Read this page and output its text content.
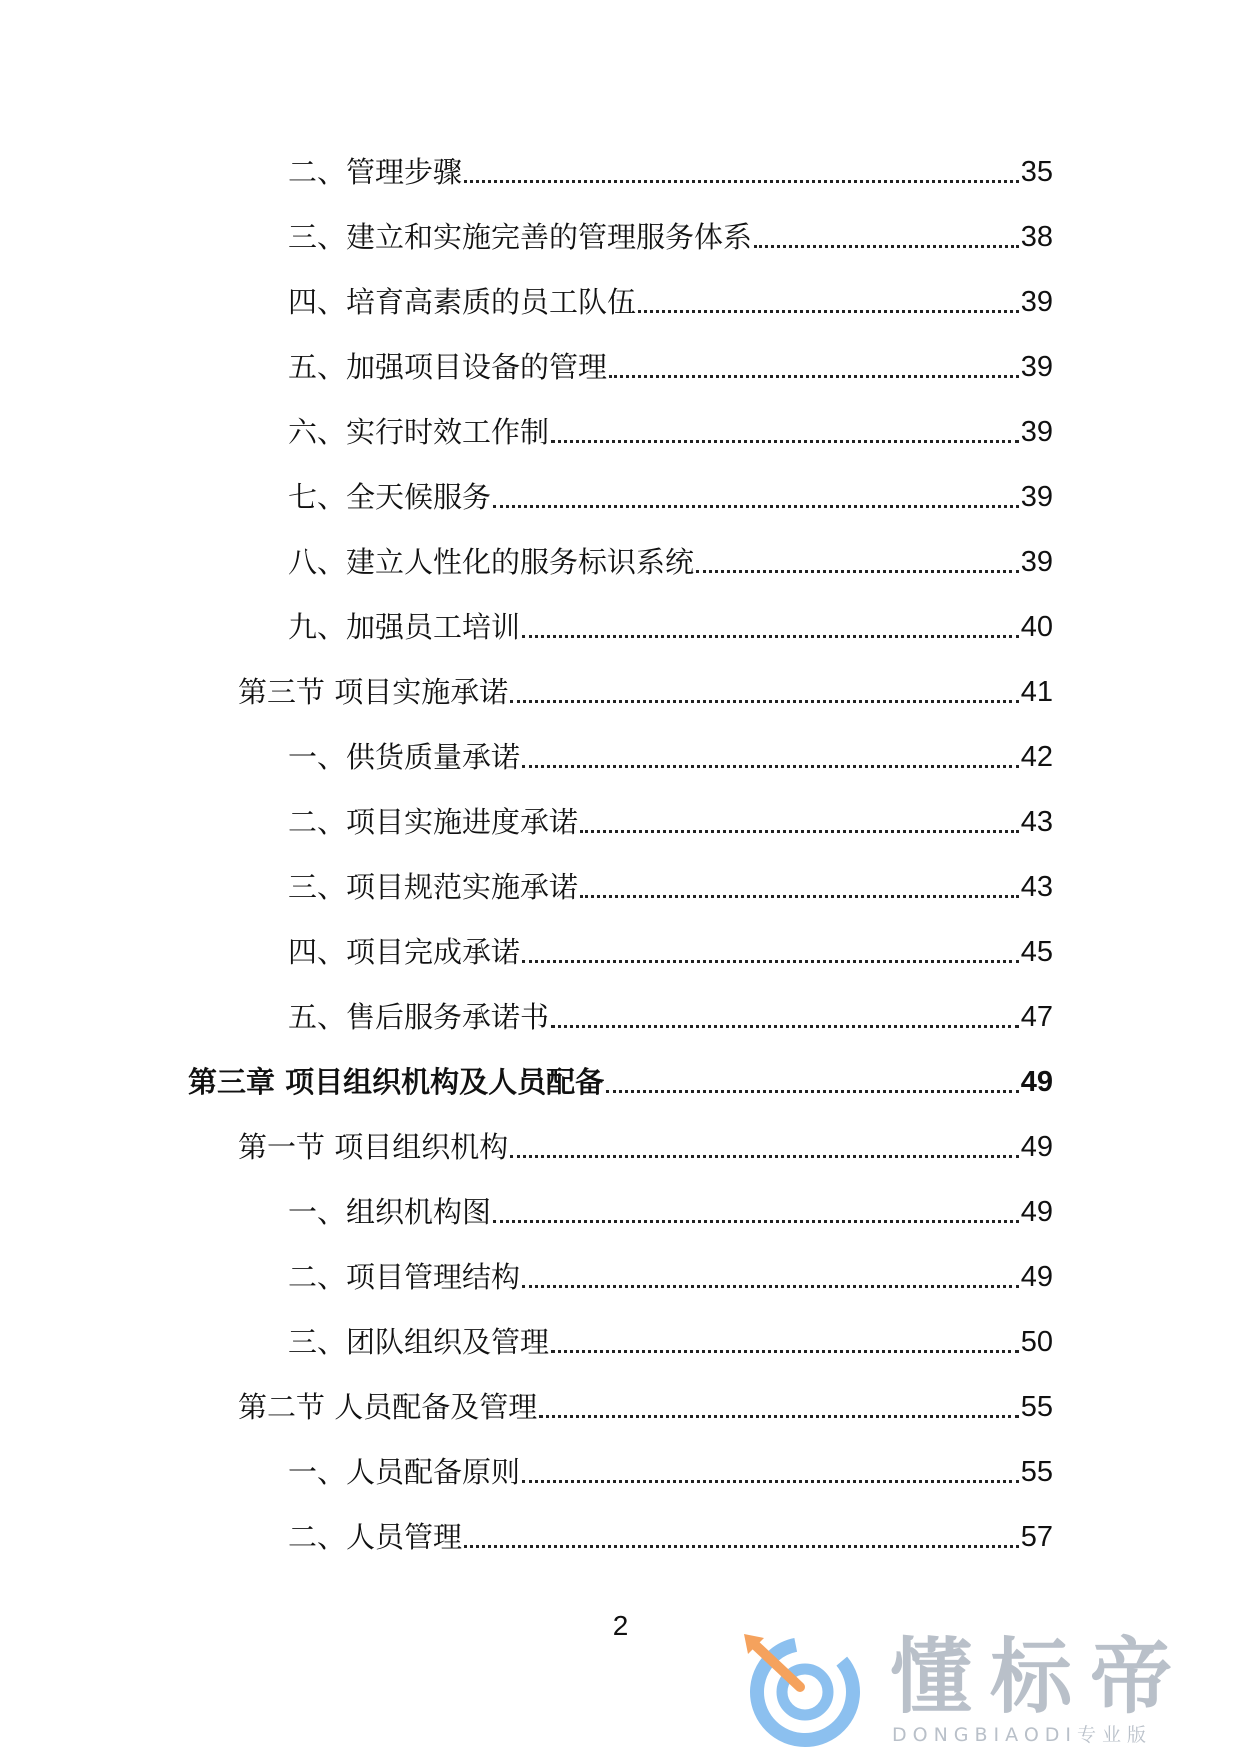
二、管理步骤	35
三、建立和实施完善的管理服务体系	38
四、培育高素质的员工队伍	39
五、加强项目设备的管理	39
六、实行时效工作制	39
七、全天候服务	39
八、建立人性化的服务标识系统	39
九、加强员工培训	40
第三节 项目实施承诺	41
一、供货质量承诺	42
二、项目实施进度承诺	43
三、项目规范实施承诺	43
四、项目完成承诺	45
五、售后服务承诺书	47
第三章 项目组织机构及人员配备	49
第一节 项目组织机构	49
一、组织机构图	49
二、项目管理结构	49
三、团队组织及管理	50
第二节 人员配备及管理	55
一、人员配备原则	55
二、人员管理	57
2
懂标帝
DONGBIAODI专业版
